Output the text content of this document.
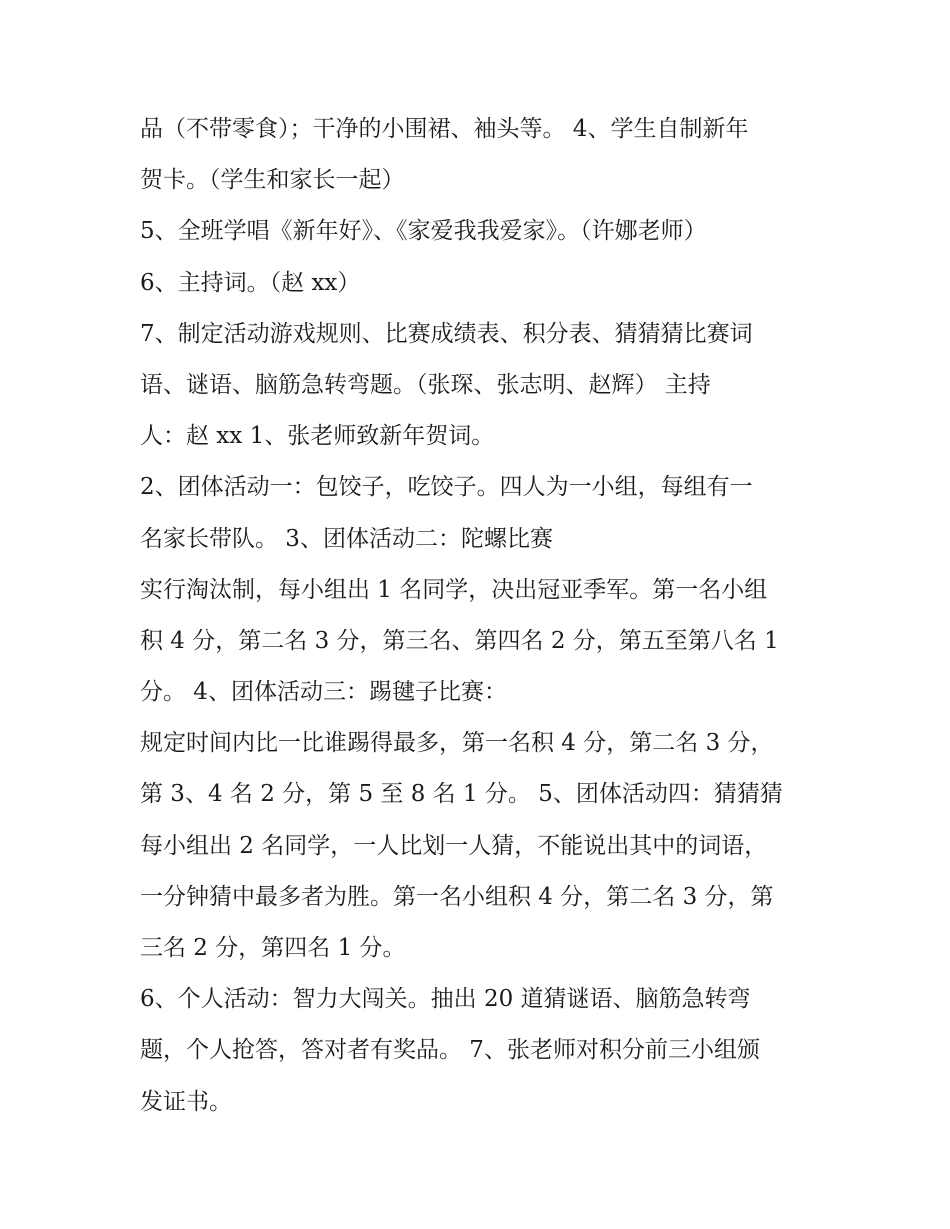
品（不带零食）；干净的小围裙、袖头等。 4、学生自制新年
贺卡。（学生和家长一起）
5、全班学唱《新年好》、《家爱我我爱家》。（许娜老师）
6、主持词。（赵 xx）
7、制定活动游戏规则、比赛成绩表、积分表、猜猜猜比赛词
语、谜语、脑筋急转弯题。（张琛、张志明、赵辉） 主持
人：赵 xx 1、张老师致新年贺词。
2、团体活动一：包饺子，吃饺子。四人为一小组，每组有一
名家长带队。 3、团体活动二：陀螺比赛
实行淘汰制，每小组出 1 名同学，决出冠亚季军。第一名小组
积 4 分，第二名 3 分，第三名、第四名 2 分，第五至第八名 1
分。 4、团体活动三：踢毽子比赛：
规定时间内比一比谁踢得最多，第一名积 4 分，第二名 3 分，
第 3、4 名 2 分，第 5 至 8 名 1 分。 5、团体活动四：猜猜猜
每小组出 2 名同学，一人比划一人猜，不能说出其中的词语，
一分钟猜中最多者为胜。第一名小组积 4 分，第二名 3 分，第
三名 2 分，第四名 1 分。
6、个人活动：智力大闯关。抽出 20 道猜谜语、脑筋急转弯
题，个人抢答，答对者有奖品。 7、张老师对积分前三小组颁
发证书。
